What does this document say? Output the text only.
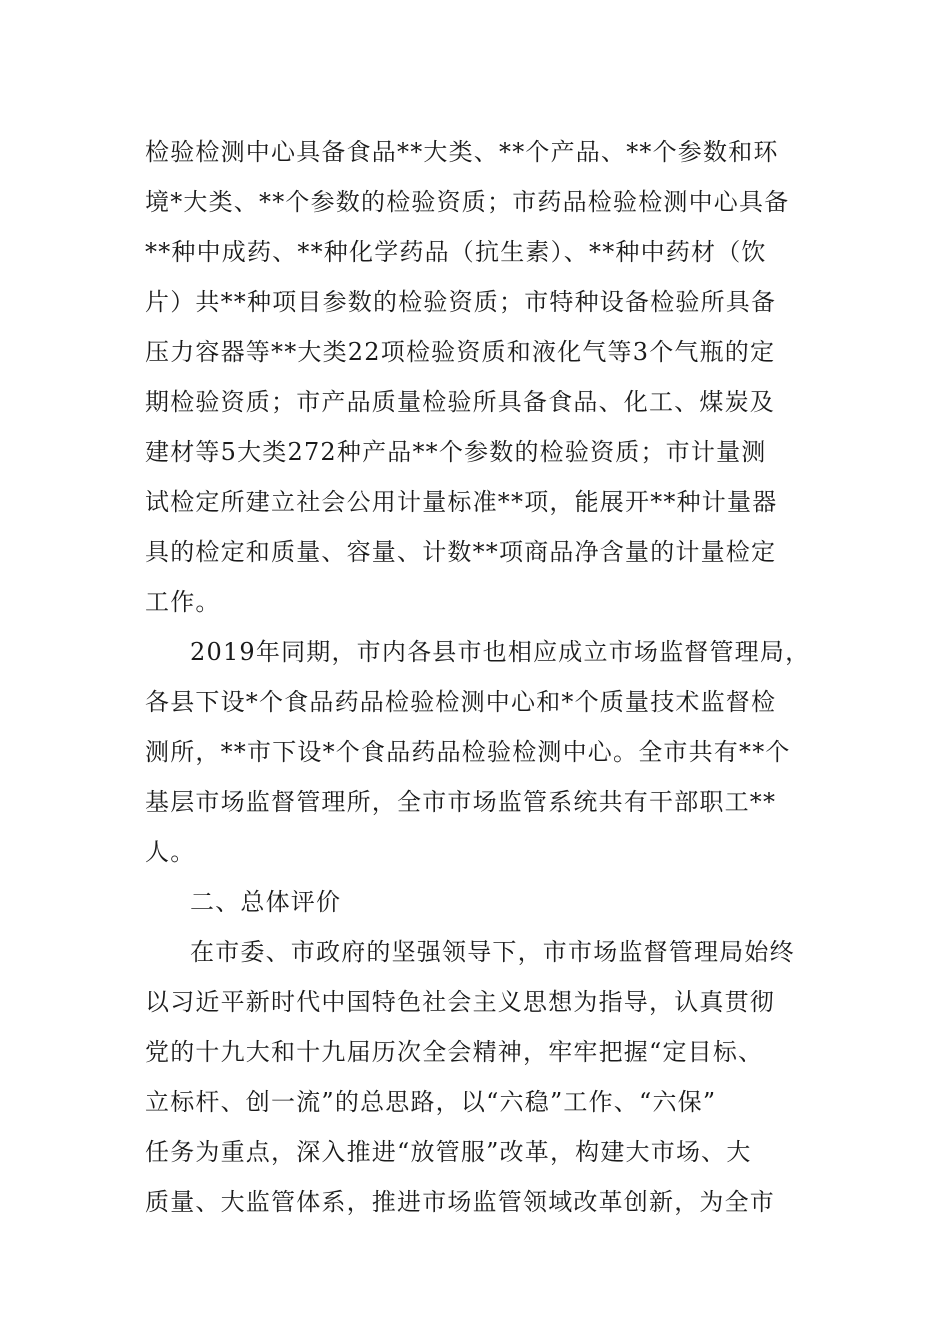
检验检测中心具备食品**大类、**个产品、**个参数和环
境*大类、**个参数的检验资质；市药品检验检测中心具备
**种中成药、**种化学药品（抗生素）、**种中药材（饮
片）共**种项目参数的检验资质；市特种设备检验所具备
压力容器等**大类22项检验资质和液化气等3个气瓶的定
期检验资质；市产品质量检验所具备食品、化工、煤炭及
建材等5大类272种产品**个参数的检验资质；市计量测
试检定所建立社会公用计量标准**项，能展开**种计量器
具的检定和质量、容量、计数**项商品净含量的计量检定
工作。
2019年同期，市内各县市也相应成立市场监督管理局，
各县下设*个食品药品检验检测中心和*个质量技术监督检
测所，**市下设*个食品药品检验检测中心。全市共有**个
基层市场监督管理所，全市市场监管系统共有干部职工**
人。
二、总体评价
在市委、市政府的坚强领导下，市市场监督管理局始终
以习近平新时代中国特色社会主义思想为指导，认真贯彻
党的十九大和十九届历次全会精神，牢牢把握“定目标、
立标杆、创一流”的总思路，以“六稳”工作、“六保”
任务为重点，深入推进“放管服”改革，构建大市场、大
质量、大监管体系，推进市场监管领域改革创新，为全市
